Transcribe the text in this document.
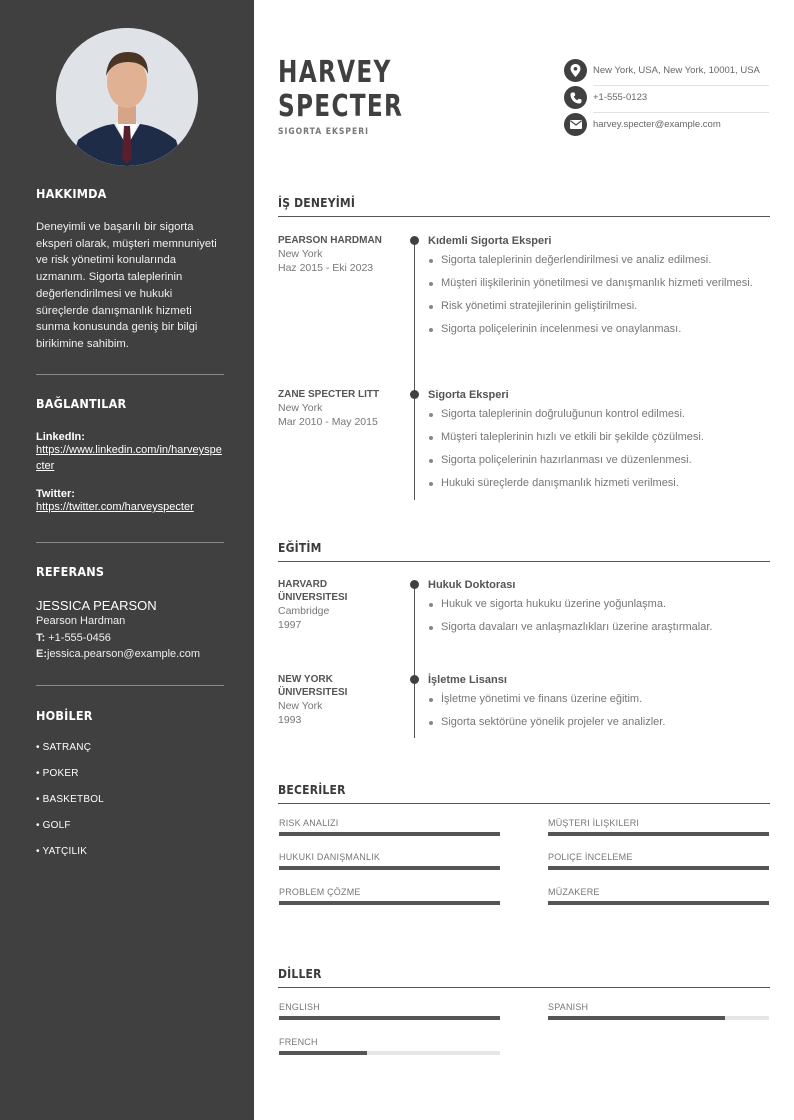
HAKKIMDA
Deneyimli ve başarılı bir sigorta eksperi olarak, müşteri memnuniyeti ve risk yönetimi konularında uzmanım. Sigorta taleplerinin değerlendirilmesi ve hukuki süreçlerde danışmanlık hizmeti sunma konusunda geniş bir bilgi birikimine sahibim.
BAĞLANTILAR
LinkedIn:
https://www.linkedin.com/in/harveyspecter
Twitter:
https://twitter.com/harveyspecter
REFERANS
JESSICA PEARSON
Pearson Hardman
T: +1-555-0456
E:jessica.pearson@example.com
HOBİLER
• SATRANÇ
• POKER
• BASKETBOL
• GOLF
• YATÇILIK
HARVEY
SPECTER
SIGORTA EKSPERI
New York, USA, New York, 10001, USA
+1-555-0123
harvey.specter@example.com
İŞ DENEYİMİ
PEARSON HARDMAN
New York
Haz 2015 - Eki 2023
Kıdemli Sigorta Eksperi
Sigorta taleplerinin değerlendirilmesi ve analiz edilmesi.
Müşteri ilişkilerinin yönetilmesi ve danışmanlık hizmeti verilmesi.
Risk yönetimi stratejilerinin geliştirilmesi.
Sigorta poliçelerinin incelenmesi ve onaylanması.
ZANE SPECTER LITT
New York
Mar 2010 - May 2015
Sigorta Eksperi
Sigorta taleplerinin doğruluğunun kontrol edilmesi.
Müşteri taleplerinin hızlı ve etkili bir şekilde çözülmesi.
Sigorta poliçelerinin hazırlanması ve düzenlenmesi.
Hukuki süreçlerde danışmanlık hizmeti verilmesi.
EĞİTİM
HARVARD ÜNIVERSITESI
Cambridge
1997
Hukuk Doktorası
Hukuk ve sigorta hukuku üzerine yoğunlaşma.
Sigorta davaları ve anlaşmazlıkları üzerine araştırmalar.
NEW YORK ÜNIVERSITESI
New York
1993
İşletme Lisansı
İşletme yönetimi ve finans üzerine eğitim.
Sigorta sektörüne yönelik projeler ve analizler.
BECERİLER
RISK ANALIZI	MÜŞTERI İLIŞKILERI
HUKUKI DANIŞMANLIK	POLIÇE İNCELEME
PROBLEM ÇÖZME	MÜZAKERE
DİLLER
ENGLISH	SPANISH
FRENCH
